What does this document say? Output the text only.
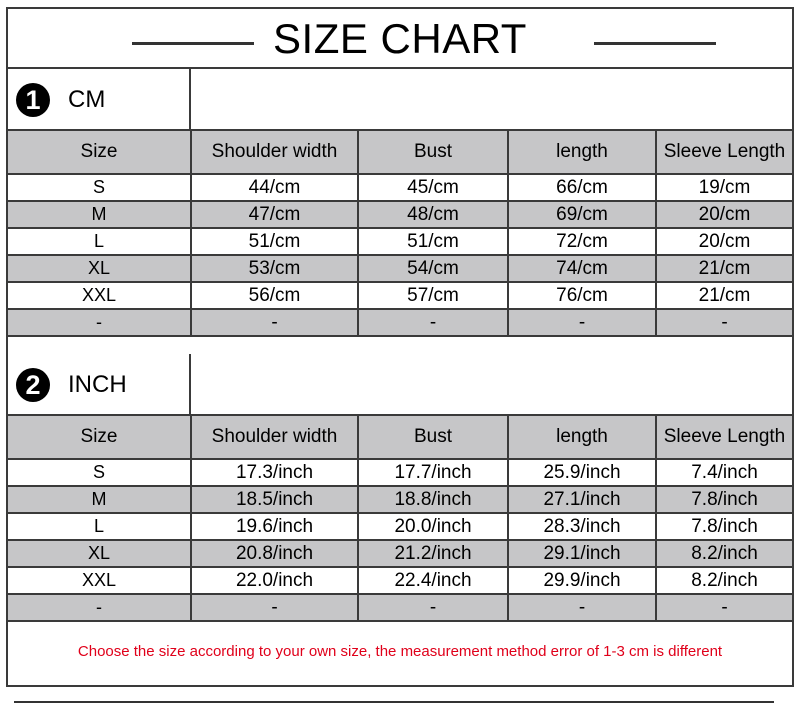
SIZE CHART
1	CM
Size	Shoulder width	Bust	length	Sleeve Length
S	44/cm	45/cm	66/cm	19/cm
M	47/cm	48/cm	69/cm	20/cm
L	51/cm	51/cm	72/cm	20/cm
XL	53/cm	54/cm	74/cm	21/cm
XXL	56/cm	57/cm	76/cm	21/cm
-	-	-	-	-
2	INCH
Size	Shoulder width	Bust	length	Sleeve Length
S	17.3/inch	17.7/inch	25.9/inch	7.4/inch
M	18.5/inch	18.8/inch	27.1/inch	7.8/inch
L	19.6/inch	20.0/inch	28.3/inch	7.8/inch
XL	20.8/inch	21.2/inch	29.1/inch	8.2/inch
XXL	22.0/inch	22.4/inch	29.9/inch	8.2/inch
-	-	-	-	-
Choose the size according to your own size, the measurement method error of 1-3 cm is different
